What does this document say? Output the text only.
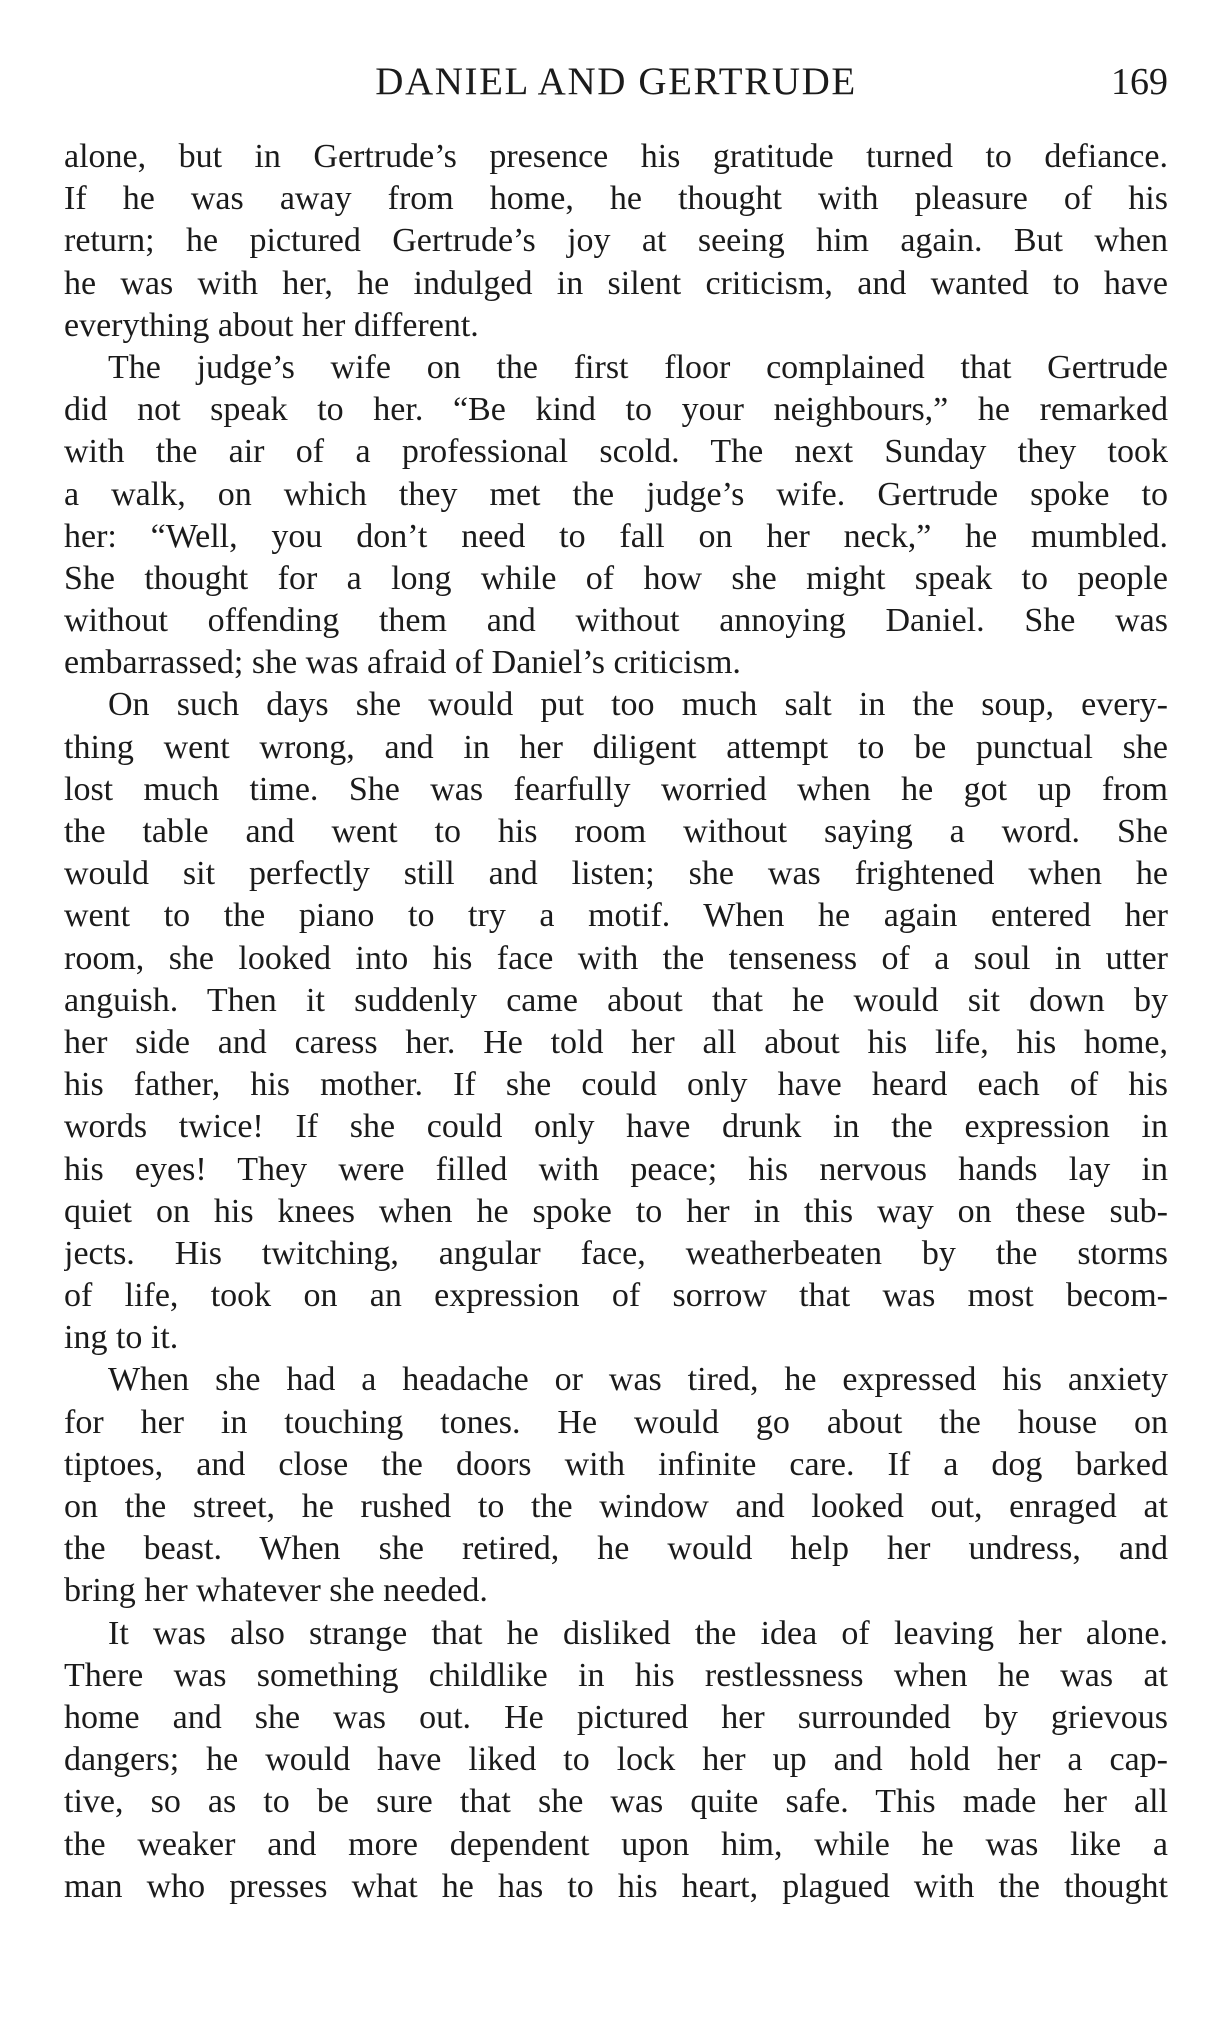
DANIEL AND GERTRUDE	169
alone, but in Gertrude’s presence his gratitude turned to defiance.
If he was away from home, he thought with pleasure of his
return; he pictured Gertrude’s joy at seeing him again. But when
he was with her, he indulged in silent criticism, and wanted to have
everything about her different.
The judge’s wife on the first floor complained that Gertrude
did not speak to her. “Be kind to your neighbours,” he remarked
with the air of a professional scold. The next Sunday they took
a walk, on which they met the judge’s wife. Gertrude spoke to
her: “Well, you don’t need to fall on her neck,” he mumbled.
She thought for a long while of how she might speak to people
without offending them and without annoying Daniel. She was
embarrassed; she was afraid of Daniel’s criticism.
On such days she would put too much salt in the soup, every-
thing went wrong, and in her diligent attempt to be punctual she
lost much time. She was fearfully worried when he got up from
the table and went to his room without saying a word. She
would sit perfectly still and listen; she was frightened when he
went to the piano to try a motif. When he again entered her
room, she looked into his face with the tenseness of a soul in utter
anguish. Then it suddenly came about that he would sit down by
her side and caress her. He told her all about his life, his home,
his father, his mother. If she could only have heard each of his
words twice! If she could only have drunk in the expression in
his eyes! They were filled with peace; his nervous hands lay in
quiet on his knees when he spoke to her in this way on these sub-
jects. His twitching, angular face, weatherbeaten by the storms
of life, took on an expression of sorrow that was most becom-
ing to it.
When she had a headache or was tired, he expressed his anxiety
for her in touching tones. He would go about the house on
tiptoes, and close the doors with infinite care. If a dog barked
on the street, he rushed to the window and looked out, enraged at
the beast. When she retired, he would help her undress, and
bring her whatever she needed.
It was also strange that he disliked the idea of leaving her alone.
There was something childlike in his restlessness when he was at
home and she was out. He pictured her surrounded by grievous
dangers; he would have liked to lock her up and hold her a cap-
tive, so as to be sure that she was quite safe. This made her all
the weaker and more dependent upon him, while he was like a
man who presses what he has to his heart, plagued with the thought
